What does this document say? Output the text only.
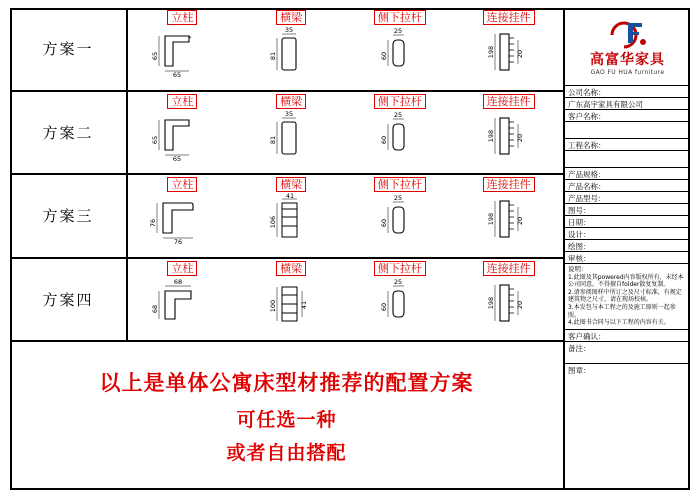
方案一
立柱
65
65
横梁
35
81
侧下拉杆
60
25
连接挂件
198	20
方案二
立柱
65
65
横梁
35
81
侧下拉杆
60
25
连接挂件
198	20
方案三
立柱
76
76
横梁
41
106
侧下拉杆
60
25
连接挂件
198	20
方案四
立柱
68
68
横梁
100	41
侧下拉杆
60
25
连接挂件
198	20
以上是单体公寓床型材推荐的配置方案
可任选一种
或者自由搭配
高富华家具
GAO FU HUA furniture
公司名称：
广东高宇家具有限公司
客户名称：
工程名称：
产品规格：
产品名称：
产品型号：
图号：
日期：
设计：
绘图：
审核：
说明：
1.此图及其powered内容版权所有，未经本公司同意，不得擅自folder散复复制。
2.请参阅图样中所订之及尺寸标准，有规定建筑物之尺寸，请在现场校核。
3.本发包与本工程之的及施工原则一起参照。
4.此图书合同与以下工程的内容有关。
客户确认：
备注：
图章：
